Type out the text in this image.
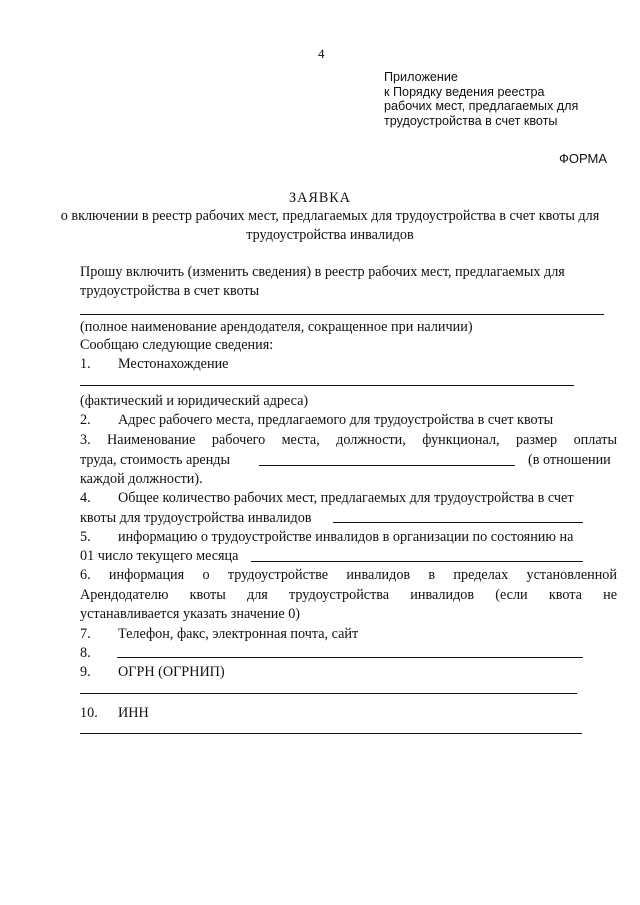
4
Приложение
к Порядку ведения реестра
рабочих мест, предлагаемых для
трудоустройства в счет квоты
ФОРМА
ЗАЯВКА
о включении в реестр рабочих мест, предлагаемых для трудоустройства в счет квоты для трудоустройства инвалидов
Прошу включить (изменить сведения) в реестр рабочих мест, предлагаемых для
трудоустройства в счет квоты
(полное наименование арендодателя, сокращенное при наличии)
Сообщаю следующие сведения:
1. Местонахождение
(фактический и юридический адреса)
2. Адрес рабочего места, предлагаемого для трудоустройства в счет квоты
3. Наименование рабочего места, должности, функционал, размер оплаты
труда, стоимость аренды	(в отношении
каждой должности).
4. Общее количество рабочих мест, предлагаемых для трудоустройства в счет
квоты для трудоустройства инвалидов
5. информацию о трудоустройстве инвалидов в организации по состоянию на
01 число текущего месяца
6. информация о трудоустройстве инвалидов в пределах установленной
Арендодателю квоты для трудоустройства инвалидов (если квота не
устанавливается указать значение 0)
7. Телефон, факс, электронная почта, сайт
8.
9. ОГРН (ОГРНИП)
10. ИНН
